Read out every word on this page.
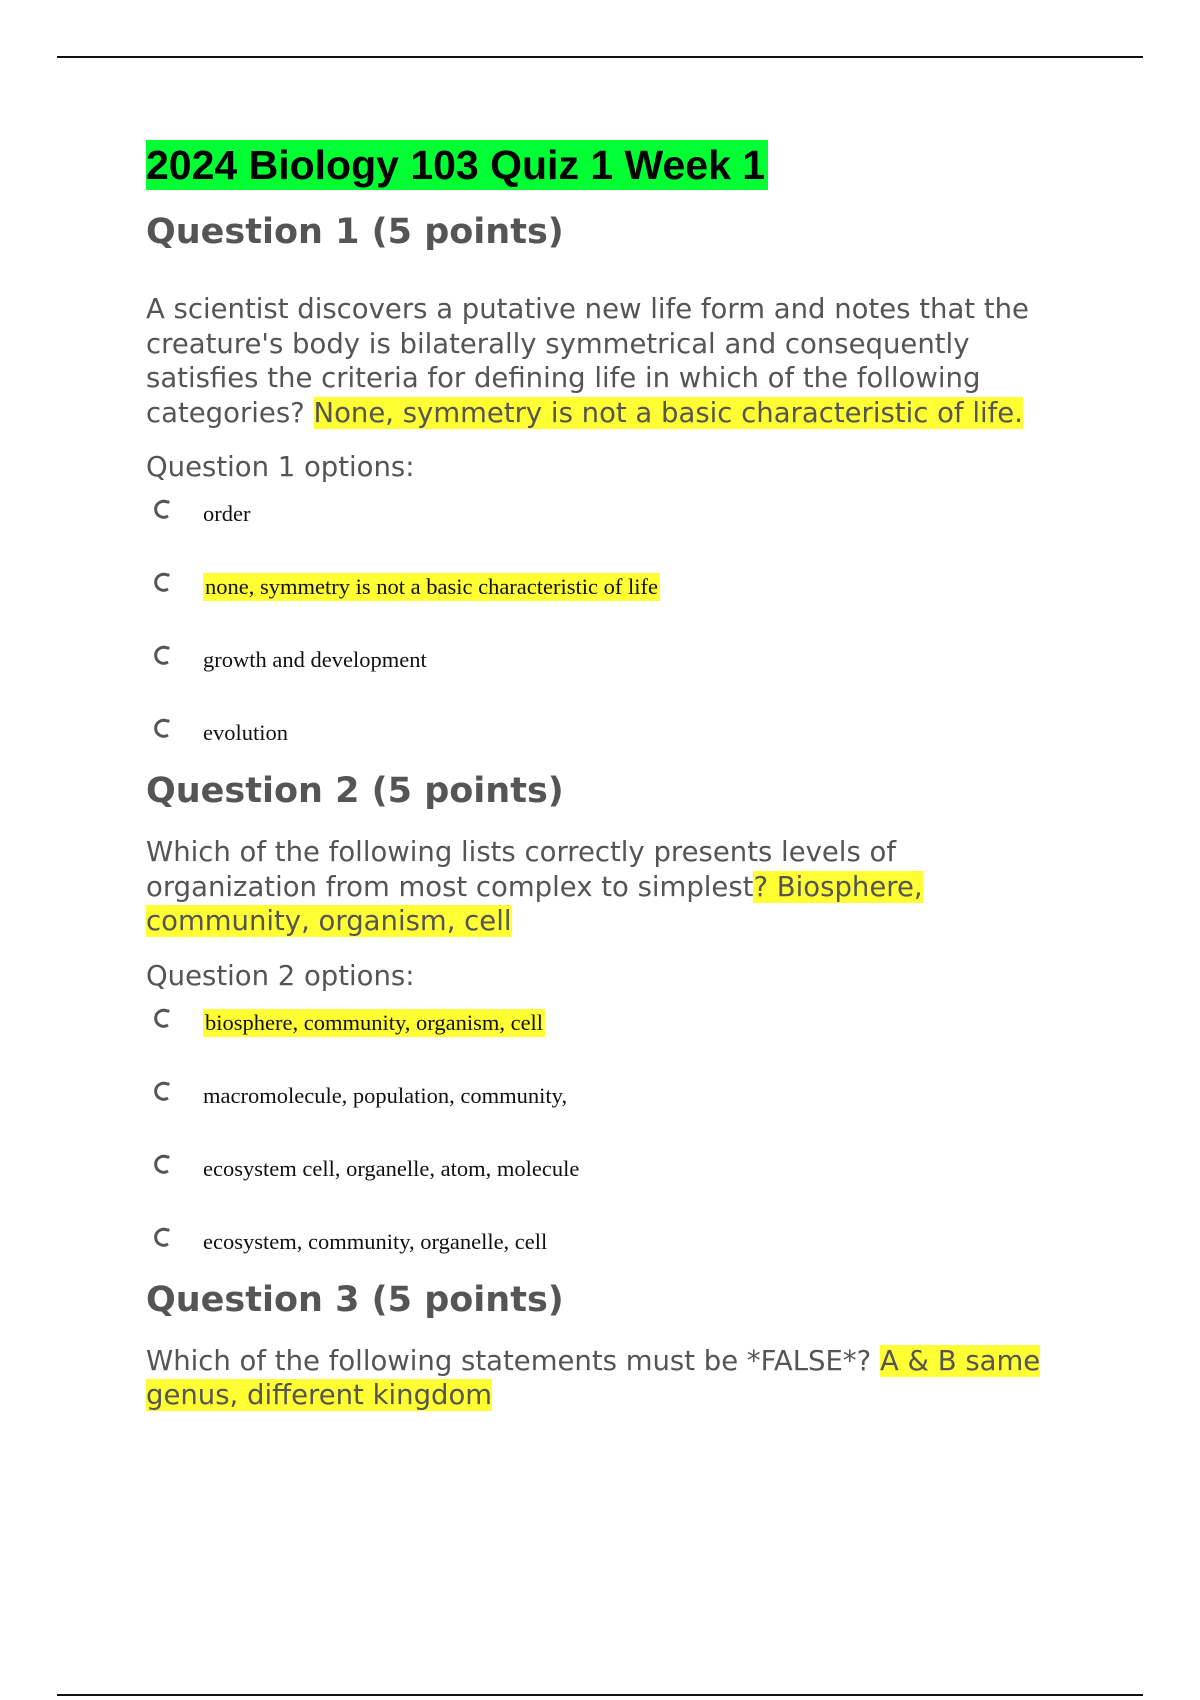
2024 Biology 103 Quiz 1 Week 1
Question 1 (5 points)

A scientist discovers a putative new life form and notes that the creature's body is bilaterally symmetrical and consequently satisfies the criteria for defining life in which of the following categories? None, symmetry is not a basic characteristic of life.

Question 1 options:

order
none, symmetry is not a basic characteristic of life
growth and development
evolution
Question 2 (5 points)

Which of the following lists correctly presents levels of organization from most complex to simplest? Biosphere, community, organism, cell

Question 2 options:

biosphere, community, organism, cell
macromolecule, population, community,
ecosystem cell, organelle, atom, molecule
ecosystem, community, organelle, cell
Question 3 (5 points)

Which of the following statements must be *FALSE*? A & B same genus, different kingdom
